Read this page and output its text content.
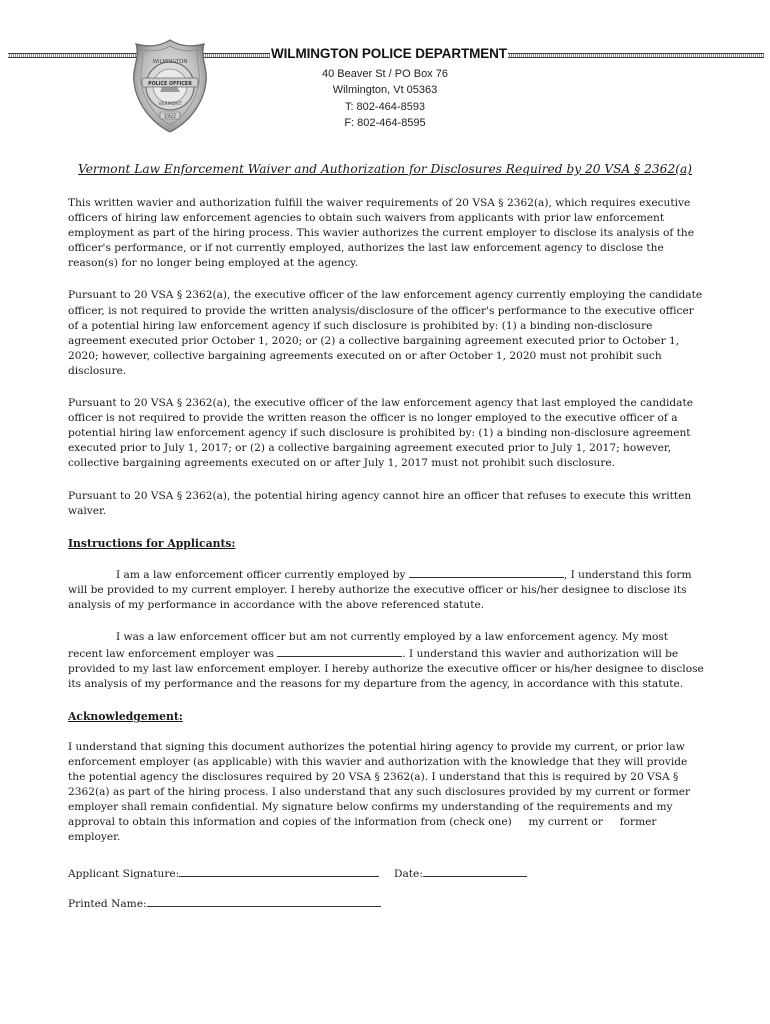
WILMINGTON
POLICE OFFICER
VERMONT
1922
WILMINGTON POLICE DEPARTMENT
40 Beaver St / PO Box 76
Wilmington, Vt 05363
T: 802-464-8593
F: 802-464-8595
Vermont Law Enforcement Waiver and Authorization for Disclosures Required by 20 VSA § 2362(a)

This written wavier and authorization fulfill the waiver requirements of 20 VSA § 2362(a), which requires executive officers of hiring law enforcement agencies to obtain such waivers from applicants with prior law enforcement employment as part of the hiring process. This wavier authorizes the current employer to disclose its analysis of the officer's performance, or if not currently employed, authorizes the last law enforcement agency to disclose the reason(s) for no longer being employed at the agency.

Pursuant to 20 VSA § 2362(a), the executive officer of the law enforcement agency currently employing the candidate officer, is not required to provide the written analysis/disclosure of the officer's performance to the executive officer of a potential hiring law enforcement agency if such disclosure is prohibited by: (1) a binding non-disclosure agreement executed prior October 1, 2020; or (2) a collective bargaining agreement executed prior to October 1, 2020; however, collective bargaining agreements executed on or after October 1, 2020 must not prohibit such disclosure.

Pursuant to 20 VSA § 2362(a), the executive officer of the law enforcement agency that last employed the candidate officer is not required to provide the written reason the officer is no longer employed to the executive officer of a potential hiring law enforcement agency if such disclosure is prohibited by: (1) a binding non-disclosure agreement executed prior to July 1, 2017; or (2) a collective bargaining agreement executed prior to July 1, 2017; however, collective bargaining agreements executed on or after July 1, 2017 must not prohibit such disclosure.

Pursuant to 20 VSA § 2362(a), the potential hiring agency cannot hire an officer that refuses to execute this written waiver.

Instructions for Applicants:

I am a law enforcement officer currently employed by	, I understand this form will be provided to my current employer. I hereby authorize the executive officer or his/her designee to disclose its analysis of my performance in accordance with the above referenced statute.

I was a law enforcement officer but am not currently employed by a law enforcement agency. My most recent law enforcement employer was	. I understand this wavier and authorization will be provided to my last law enforcement employer. I hereby authorize the executive officer or his/her designee to disclose its analysis of my performance and the reasons for my departure from the agency, in accordance with this statute.

Acknowledgement:

I understand that signing this document authorizes the potential hiring agency to provide my current, or prior law enforcement employer (as applicable) with this wavier and authorization with the knowledge that they will provide the potential agency the disclosures required by 20 VSA § 2362(a). I understand that this is required by 20 VSA § 2362(a) as part of the hiring process. I also understand that any such disclosures provided by my current or former employer shall remain confidential. My signature below confirms my understanding of the requirements and my approval to obtain this information and copies of the information from (check one) my current or former employer.

Applicant Signature:	Date:
Printed Name:
